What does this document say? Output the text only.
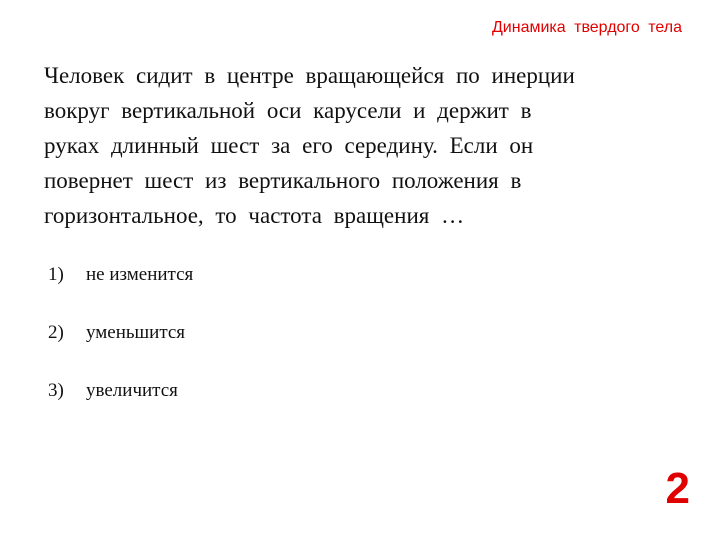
Динамика твердого тела
Человек сидит в центре вращающейся по инерции
вокруг вертикальной оси карусели и держит в
руках длинный шест за его середину. Если он
повернет шест из вертикального положения в
горизонтальное, то частота вращения …
1) не изменится
2) уменьшится
3) увеличится
2
